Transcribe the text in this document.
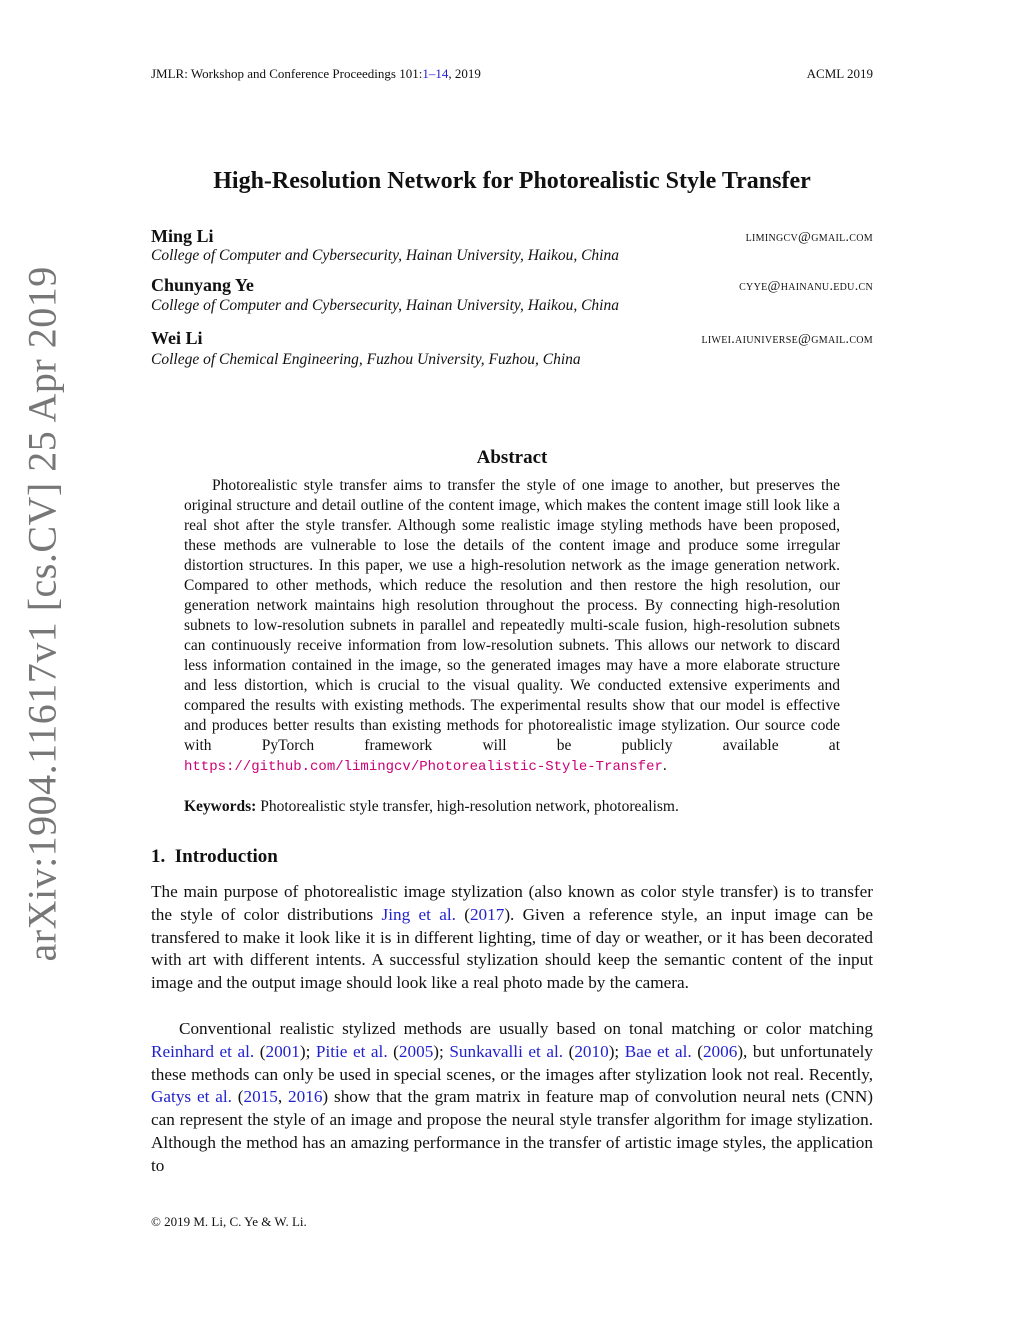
JMLR: Workshop and Conference Proceedings 101:1–14, 2019	ACML 2019
High-Resolution Network for Photorealistic Style Transfer
Ming Li	limingcv@gmail.com
College of Computer and Cybersecurity, Hainan University, Haikou, China
Chunyang Ye	cyye@hainanu.edu.cn
College of Computer and Cybersecurity, Hainan University, Haikou, China
Wei Li	liwei.aiuniverse@gmail.com
College of Chemical Engineering, Fuzhou University, Fuzhou, China
Abstract
Photorealistic style transfer aims to transfer the style of one image to another, but preserves the original structure and detail outline of the content image, which makes the content image still look like a real shot after the style transfer. Although some realistic image styling methods have been proposed, these methods are vulnerable to lose the details of the content image and produce some irregular distortion structures. In this paper, we use a high-resolution network as the image generation network. Compared to other methods, which reduce the resolution and then restore the high resolution, our generation network maintains high resolution throughout the process. By connecting high-resolution subnets to low-resolution subnets in parallel and repeatedly multi-scale fusion, high-resolution subnets can continuously receive information from low-resolution subnets. This allows our network to discard less information contained in the image, so the generated images may have a more elaborate structure and less distortion, which is crucial to the visual quality. We conducted extensive experiments and compared the results with existing methods. The experimental results show that our model is effective and produces better results than existing methods for photorealistic image stylization. Our source code with PyTorch framework will be publicly available at https://github.com/limingcv/Photorealistic-Style-Transfer.
Keywords: Photorealistic style transfer, high-resolution network, photorealism.
1. Introduction
The main purpose of photorealistic image stylization (also known as color style transfer) is to transfer the style of color distributions Jing et al. (2017). Given a reference style, an input image can be transfered to make it look like it is in different lighting, time of day or weather, or it has been decorated with art with different intents. A successful stylization should keep the semantic content of the input image and the output image should look like a real photo made by the camera.
Conventional realistic stylized methods are usually based on tonal matching or color matching Reinhard et al. (2001); Pitie et al. (2005); Sunkavalli et al. (2010); Bae et al. (2006), but unfortunately these methods can only be used in special scenes, or the images after stylization look not real. Recently, Gatys et al. (2015, 2016) show that the gram matrix in feature map of convolution neural nets (CNN) can represent the style of an image and propose the neural style transfer algorithm for image stylization. Although the method has an amazing performance in the transfer of artistic image styles, the application to
© 2019 M. Li, C. Ye & W. Li.
arXiv:1904.11617v1 [cs.CV] 25 Apr 2019
